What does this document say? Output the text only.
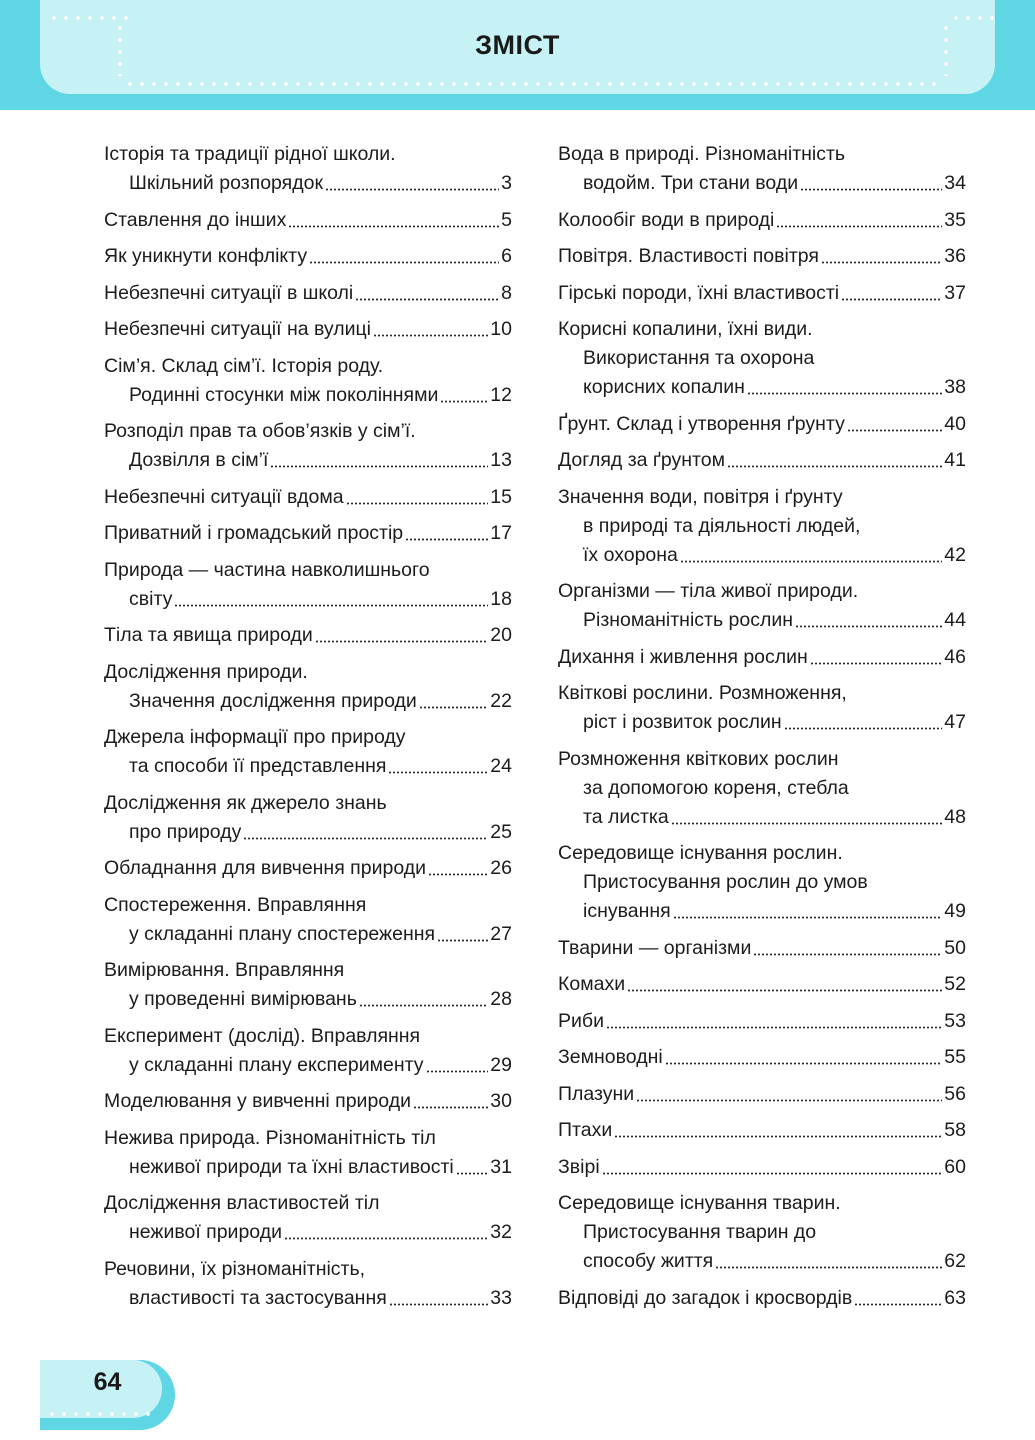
ЗМІСТ
Історія та традиції рідної школи.
Шкільний розпорядок	3
Ставлення до інших	5
Як уникнути конфлікту	6
Небезпечні ситуації в школі	8
Небезпечні ситуації на вулиці	10
Сім’я. Склад сім’ї. Історія роду.
Родинні стосунки між поколіннями	12
Розподіл прав та обов’язків у сім’ї.
Дозвілля в сім’ї	13
Небезпечні ситуації вдома	15
Приватний і громадський простір	17
Природа — частина навколишнього
світу	18
Тіла та явища природи	20
Дослідження природи.
Значення дослідження природи	22
Джерела інформації про природу
та способи її представлення	24
Дослідження як джерело знань
про природу	25
Обладнання для вивчення природи	26
Спостереження. Вправляння
у складанні плану спостереження	27
Вимірювання. Вправляння
у проведенні вимірювань	28
Експеримент (дослід). Вправляння
у складанні плану експерименту	29
Моделювання у вивченні природи	30
Нежива природа. Різноманітність тіл
неживої природи та їхні властивості 31
Дослідження властивостей тіл
неживої природи	32
Речовини, їх різноманітність,
властивості та застосування	33
Вода в природі. Різноманітність
водойм. Три стани води	34
Колообіг води в природі	35
Повітря. Властивості повітря	36
Гірські породи, їхні властивості	37
Корисні копалини, їхні види.
Використання та охорона
корисних копалин	38
Ґрунт. Склад і утворення ґрунту	40
Догляд за ґрунтом	41
Значення води, повітря і ґрунту
в природі та діяльності людей,
їх охорона	42
Організми — тіла живої природи.
Різноманітність рослин	44
Дихання і живлення рослин	46
Квіткові рослини. Розмноження,
ріст і розвиток рослин	47
Розмноження квіткових рослин
за допомогою кореня, стебла
та листка	48
Середовище існування рослин.
Пристосування рослин до умов
існування	49
Тварини — організми	50
Комахи	52
Риби	53
Земноводні	55
Плазуни	56
Птахи	58
Звірі	60
Середовище існування тварин.
Пристосування тварин до
способу життя	62
Відповіді до загадок і кросвордів	63
64
